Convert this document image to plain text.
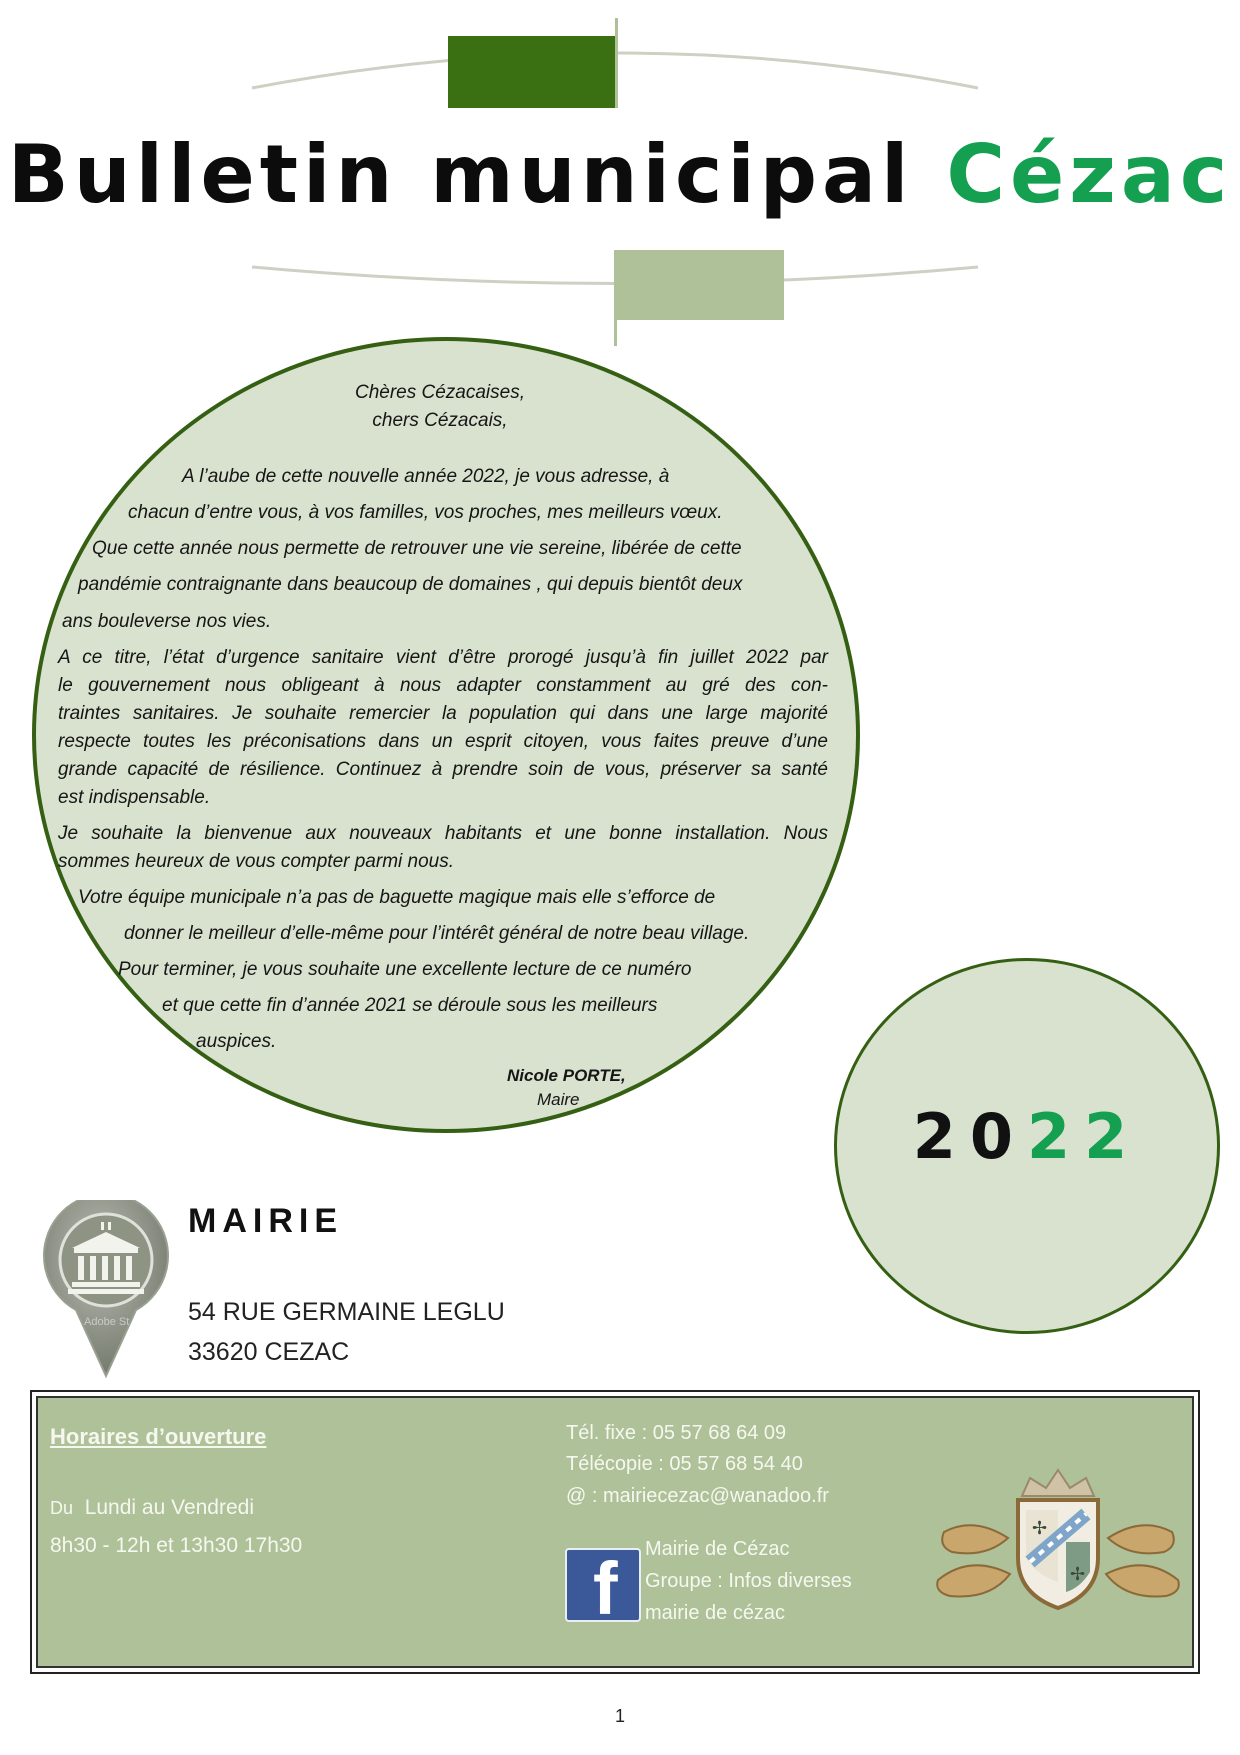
Bulletin municipal Cézac
Chères Cézacaises,
chers Cézacais,
A l’aube de cette nouvelle année 2022, je vous adresse, à
chacun d’entre vous, à vos familles, vos proches, mes meilleurs vœux.
Que cette année nous permette de retrouver une vie sereine, libérée de cette
pandémie contraignante dans beaucoup de domaines , qui depuis bientôt deux
ans bouleverse nos vies.
A ce titre, l’état d’urgence sanitaire vient d’être prorogé jusqu’à fin juillet 2022 par
le gouvernement nous obligeant à nous adapter constamment au gré des con-
traintes sanitaires. Je souhaite remercier la population qui dans une large majorité
respecte toutes les préconisations dans un esprit citoyen, vous faites preuve d’une
grande capacité de résilience. Continuez à prendre soin de vous, préserver sa santé
est indispensable.
Je souhaite la bienvenue aux nouveaux habitants et une bonne installation. Nous
sommes heureux de vous compter parmi nous.
Votre équipe municipale n’a pas de baguette magique mais elle s’efforce de
donner le meilleur d’elle-même pour l’intérêt général de notre beau village.
Pour terminer, je vous souhaite une excellente lecture de ce numéro
et que cette fin d’année 2021 se déroule sous les meilleurs
auspices.
Nicole PORTE,
Maire
2022
Adobe St
MAIRIE
54 RUE GERMAINE LEGLU
33620 CEZAC
Horaires d’ouverture
Du Lundi au Vendredi
8h30 - 12h et 13h30 17h30
Tél. fixe : 05 57 68 64 09
Télécopie : 05 57 68 54 40
@ : mairiecezac@wanadoo.fr
f Mairie de Cézac
Groupe : Infos diverses
mairie de cézac
✢
✢
1
